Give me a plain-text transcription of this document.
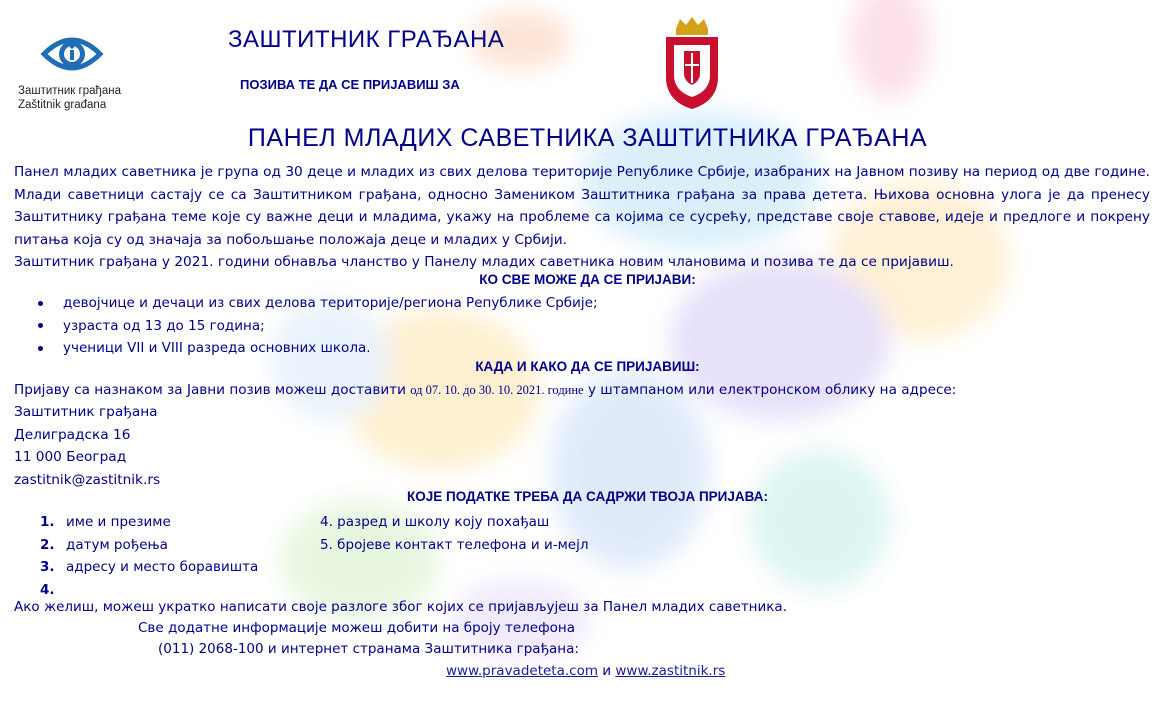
Заштитник грађана
Zaštitnik građana
ЗАШТИТНИК ГРАЂАНА
ПОЗИВА ТЕ ДА СЕ ПРИЈАВИШ ЗА
ПАНЕЛ МЛАДИХ САВЕТНИКА ЗАШТИТНИКА ГРАЂАНА

Панел младих саветника је група од 30 деце и младих из свих делова територије Републике Србије, изабраних на Јавном позиву на период од две године. Млади саветници састају се са Заштитником грађана, односно Замеником Заштитника грађана за права детета. Њихова основна улога је да пренесу Заштитнику грађана теме које су важне деци и младима, укажу на проблеме са којима се сусрећу, представе своје ставове, идеје и предлоге и покрену питања која су од значаја за побољшање положаја деце и младих у Србији.

Заштитник грађана у 2021. години обнавља чланство у Панелу младих саветника новим члановима и позива те да се пријавиш.

КО СВЕ МОЖЕ ДА СЕ ПРИЈАВИ:
девојчице и дечаци из свих делова територије/региона Републике Србије;
узраста од 13 до 15 година;
ученици VII и VIII разреда основних школа.
КАДА И КАКО ДА СЕ ПРИЈАВИШ:
Пријаву са назнаком за Јавни позив можеш доставити од 07. 10. до 30. 10. 2021. године у штампаном или електронском облику на адресе:
Заштитник грађана
Делиградска 16
11 000 Београд
zastitnik@zastitnik.rs
КОЈЕ ПОДАТКЕ ТРЕБА ДА САДРЖИ ТВОЈА ПРИЈАВА:
1. име и презиме
2. датум рођења
3. адресу и место боравишта
4.
4. разред и школу коју похађаш
5. бројеве контакт телефона и и-мејл
Ако желиш, можеш укратко написати своје разлоге због којих се пријављујеш за Панел младих саветника.
Све додатне информације можеш добити на броју телефона
(011) 2068-100 и интернет странама Заштитника грађана:
www.pravadeteta.com и www.zastitnik.rs
